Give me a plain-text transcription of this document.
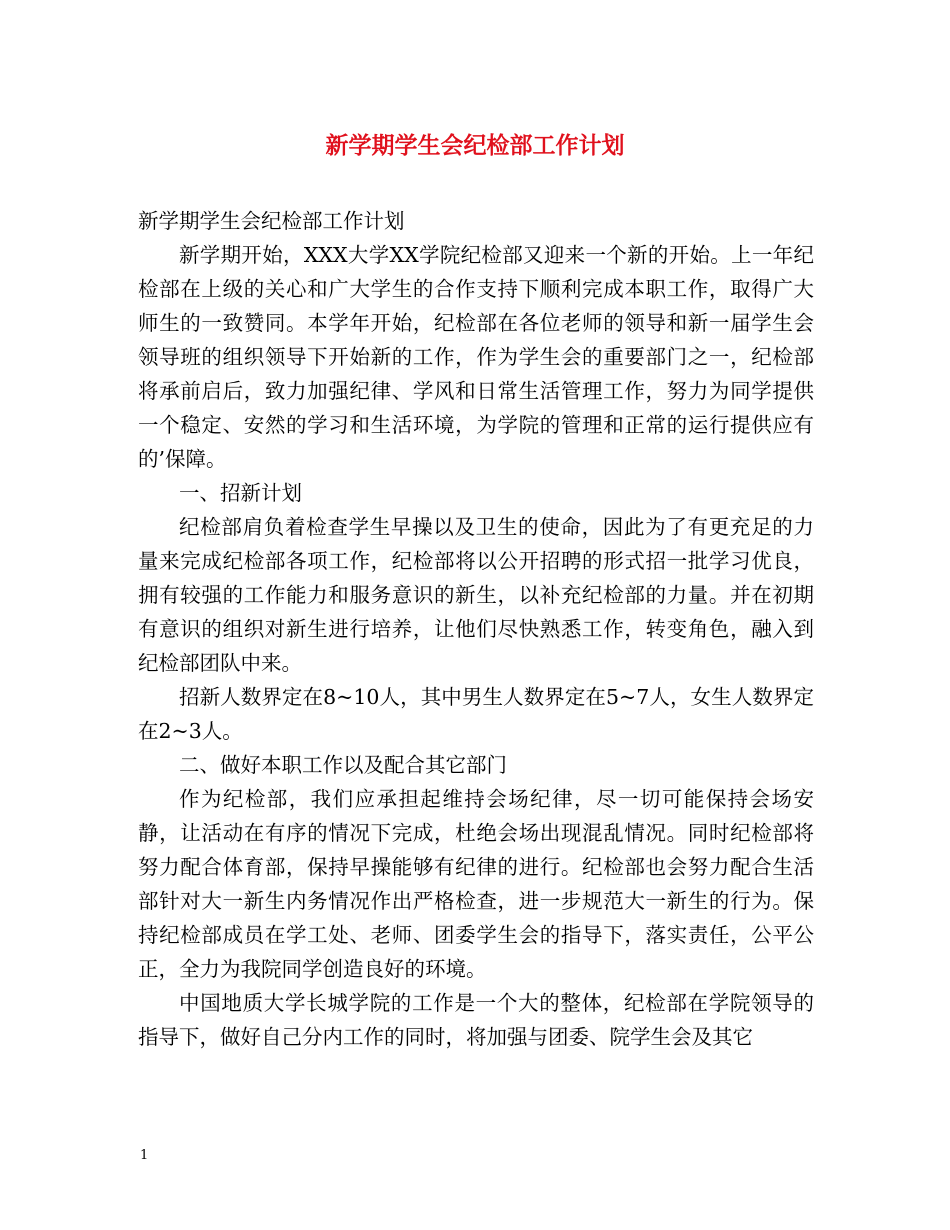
新学期学生会纪检部工作计划

新学期学生会纪检部工作计划

新学期开始，XXX大学XX学院纪检部又迎来一个新的开始。上一年纪检部在上级的关心和广大学生的合作支持下顺利完成本职工作，取得广大师生的一致赞同。本学年开始，纪检部在各位老师的领导和新一届学生会领导班的组织领导下开始新的工作，作为学生会的重要部门之一，纪检部将承前启后，致力加强纪律、学风和日常生活管理工作，努力为同学提供一个稳定、安然的学习和生活环境，为学院的管理和正常的运行提供应有的’保障。

一、招新计划

纪检部肩负着检查学生早操以及卫生的使命，因此为了有更充足的力量来完成纪检部各项工作，纪检部将以公开招聘的形式招一批学习优良，拥有较强的工作能力和服务意识的新生，以补充纪检部的力量。并在初期有意识的组织对新生进行培养，让他们尽快熟悉工作，转变角色，融入到纪检部团队中来。

招新人数界定在8~10人，其中男生人数界定在5~7人，女生人数界定在2~3人。

二、做好本职工作以及配合其它部门

作为纪检部，我们应承担起维持会场纪律，尽一切可能保持会场安静，让活动在有序的情况下完成，杜绝会场出现混乱情况。同时纪检部将努力配合体育部，保持早操能够有纪律的进行。纪检部也会努力配合生活部针对大一新生内务情况作出严格检查，进一步规范大一新生的行为。保持纪检部成员在学工处、老师、团委学生会的指导下，落实责任，公平公正，全力为我院同学创造良好的环境。

中国地质大学长城学院的工作是一个大的整体，纪检部在学院领导的指导下，做好自己分内工作的同时，将加强与团委、院学生会及其它

1
